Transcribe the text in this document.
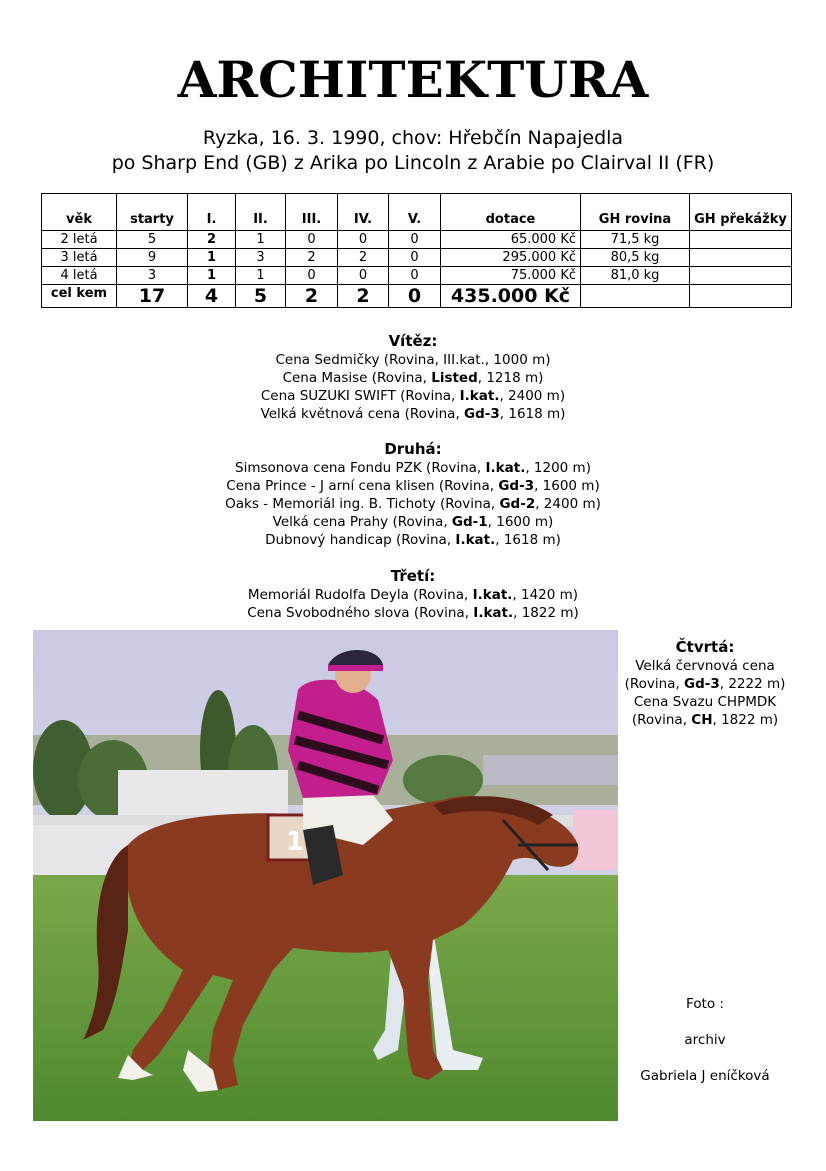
ARCHITEKTURA
Ryzka, 16. 3. 1990, chov: Hřebčín Napajedla
po Sharp End (GB) z Arika po Lincoln z Arabie po Clairval II (FR)
věk	starty	I.	II.	III.	IV.	V.	dotace	GH rovina	GH překážky
2 letá	5	2	1	0	0	0	65.000 Kč	71,5 kg	
3 letá	9	1	3	2	2	0	295.000 Kč	80,5 kg	
4 letá	3	1	1	0	0	0	75.000 Kč	81,0 kg	
cel kem	17	4	5	2	2	0	435.000 Kč		
Vítěz:
Cena Sedmičky (Rovina, III.kat., 1000 m)
Cena Masise (Rovina, Listed, 1218 m)
Cena SUZUKI SWIFT (Rovina, I.kat., 2400 m)
Velká květnová cena (Rovina, Gd-3, 1618 m)
Druhá:
Simsonova cena Fondu PZK (Rovina, I.kat., 1200 m)
Cena Prince - J arní cena klisen (Rovina, Gd-3, 1600 m)
Oaks - Memoriál ing. B. Tichoty (Rovina, Gd-2, 2400 m)
Velká cena Prahy (Rovina, Gd-1, 1600 m)
Dubnový handicap (Rovina, I.kat., 1618 m)
Třetí:
Memoriál Rudolfa Deyla (Rovina, I.kat., 1420 m)
Cena Svobodného slova (Rovina, I.kat., 1822 m)
1
Čtvrtá:
Velká červnová cena
(Rovina, Gd-3, 2222 m)
Cena Svazu CHPMDK
(Rovina, CH, 1822 m)
Foto :
archiv
Gabriela J eníčková
